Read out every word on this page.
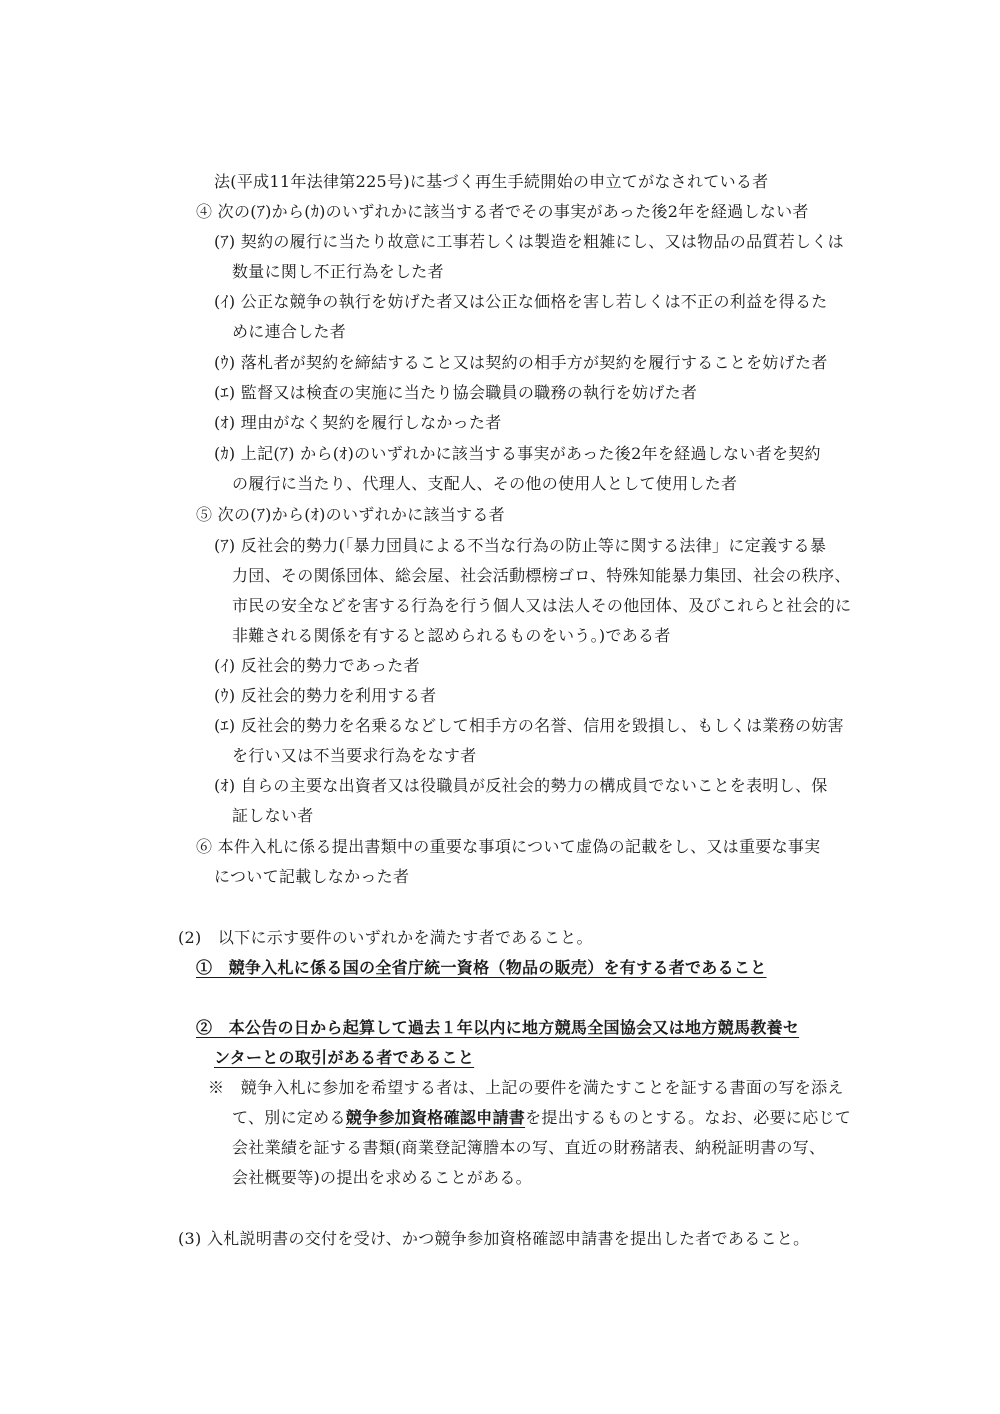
法(平成11年法律第225号)に基づく再生手続開始の申立てがなされている者
④ 次の(ｱ)から(ｶ)のいずれかに該当する者でその事実があった後2年を経過しない者
(ｱ) 契約の履行に当たり故意に工事若しくは製造を粗雑にし、又は物品の品質若しくは
数量に関し不正行為をした者
(ｲ) 公正な競争の執行を妨げた者又は公正な価格を害し若しくは不正の利益を得るた
めに連合した者
(ｳ) 落札者が契約を締結すること又は契約の相手方が契約を履行することを妨げた者
(ｴ) 監督又は検査の実施に当たり協会職員の職務の執行を妨げた者
(ｵ) 理由がなく契約を履行しなかった者
(ｶ) 上記(ｱ) から(ｵ)のいずれかに該当する事実があった後2年を経過しない者を契約
の履行に当たり、代理人、支配人、その他の使用人として使用した者
⑤ 次の(ｱ)から(ｵ)のいずれかに該当する者
(ｱ) 反社会的勢力(「暴力団員による不当な行為の防止等に関する法律」に定義する暴
力団、その関係団体、総会屋、社会活動標榜ゴロ、特殊知能暴力集団、社会の秩序、
市民の安全などを害する行為を行う個人又は法人その他団体、及びこれらと社会的に
非難される関係を有すると認められるものをいう。)である者
(ｲ) 反社会的勢力であった者
(ｳ) 反社会的勢力を利用する者
(ｴ) 反社会的勢力を名乗るなどして相手方の名誉、信用を毀損し、もしくは業務の妨害
を行い又は不当要求行為をなす者
(ｵ) 自らの主要な出資者又は役職員が反社会的勢力の構成員でないことを表明し、保
証しない者
⑥ 本件入札に係る提出書類中の重要な事項について虚偽の記載をし、又は重要な事実
について記載しなかった者
(2)　以下に示す要件のいずれかを満たす者であること。
①　競争入札に係る国の全省庁統一資格（物品の販売）を有する者であること
②　本公告の日から起算して過去１年以内に地方競馬全国協会又は地方競馬教養セ
ンターとの取引がある者であること
※　競争入札に参加を希望する者は、上記の要件を満たすことを証する書面の写を添え
て、別に定める競争参加資格確認申請書を提出するものとする。なお、必要に応じて
会社業績を証する書類(商業登記簿謄本の写、直近の財務諸表、納税証明書の写、
会社概要等)の提出を求めることがある。
(3) 入札説明書の交付を受け、かつ競争参加資格確認申請書を提出した者であること。
